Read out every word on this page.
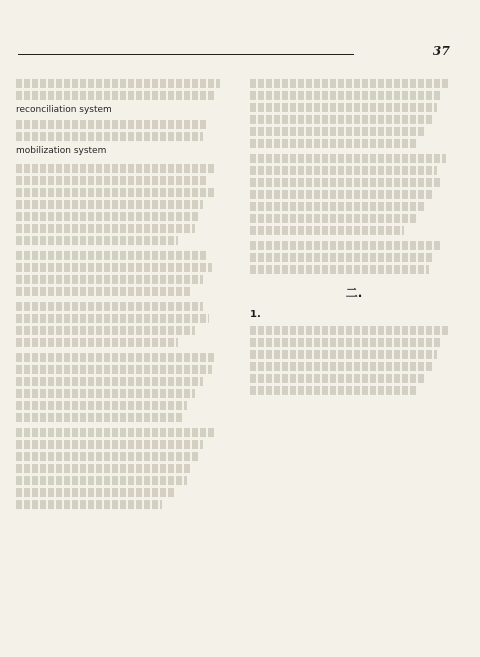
37

reconciliation system
mobilization system

二.
1.
